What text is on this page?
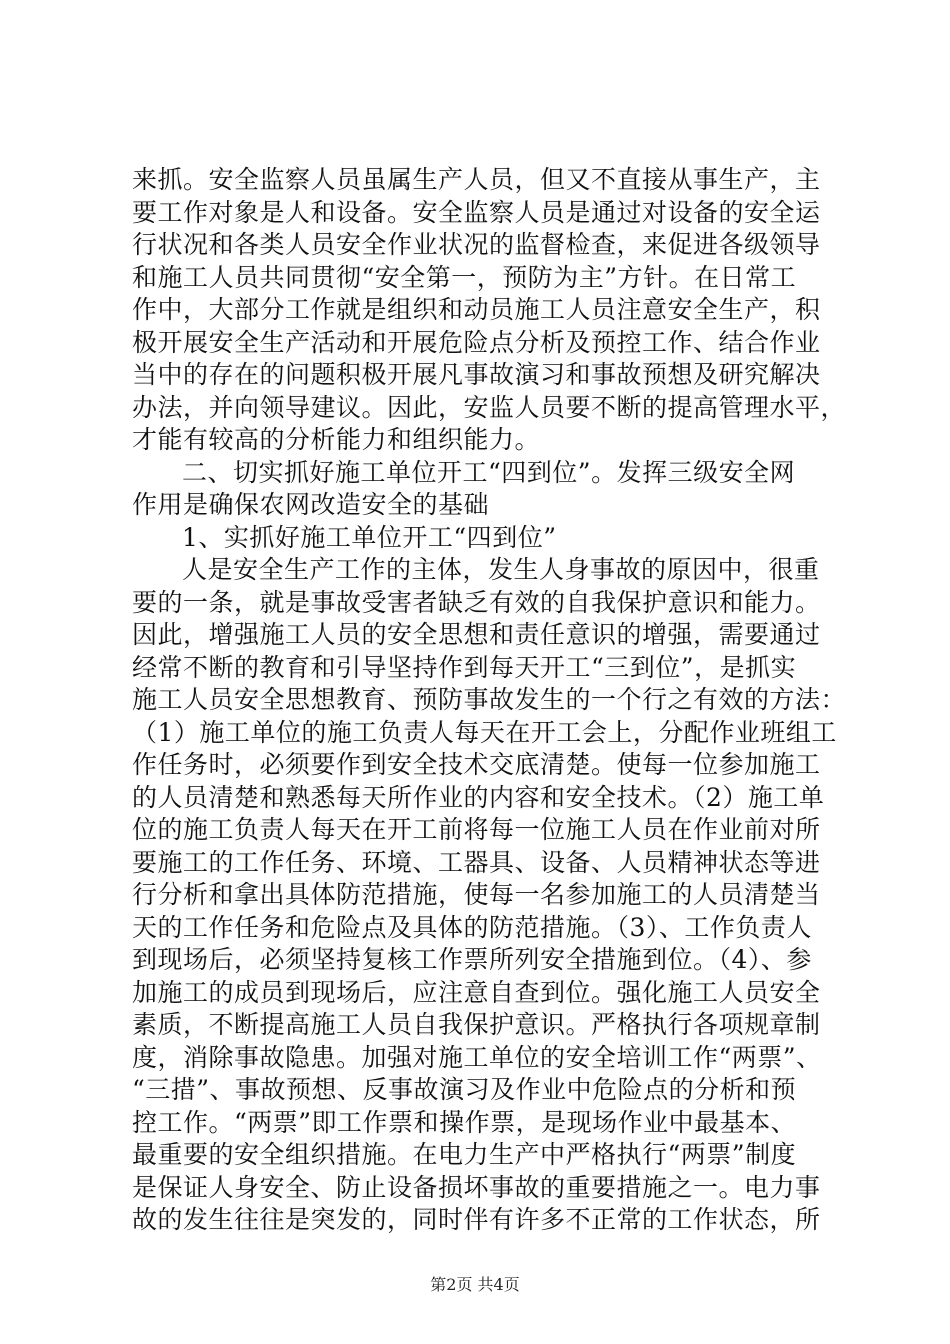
来抓。安全监察人员虽属生产人员，但又不直接从事生产，主
要工作对象是人和设备。安全监察人员是通过对设备的安全运
行状况和各类人员安全作业状况的监督检查，来促进各级领导
和施工人员共同贯彻“安全第一，预防为主”方针。在日常工
作中，大部分工作就是组织和动员施工人员注意安全生产，积
极开展安全生产活动和开展危险点分析及预控工作、结合作业
当中的存在的问题积极开展凡事故演习和事故预想及研究解决
办法，并向领导建议。因此，安监人员要不断的提高管理水平，
才能有较高的分析能力和组织能力。
二、切实抓好施工单位开工“四到位”。发挥三级安全网
作用是确保农网改造安全的基础
1、实抓好施工单位开工“四到位”
人是安全生产工作的主体，发生人身事故的原因中，很重
要的一条，就是事故受害者缺乏有效的自我保护意识和能力。
因此，增强施工人员的安全思想和责任意识的增强，需要通过
经常不断的教育和引导坚持作到每天开工“三到位”，是抓实
施工人员安全思想教育、预防事故发生的一个行之有效的方法：
（1）施工单位的施工负责人每天在开工会上，分配作业班组工
作任务时，必须要作到安全技术交底清楚。使每一位参加施工
的人员清楚和熟悉每天所作业的内容和安全技术。（2）施工单
位的施工负责人每天在开工前将每一位施工人员在作业前对所
要施工的工作任务、环境、工器具、设备、人员精神状态等进
行分析和拿出具体防范措施，使每一名参加施工的人员清楚当
天的工作任务和危险点及具体的防范措施。（3）、工作负责人
到现场后，必须坚持复核工作票所列安全措施到位。（4）、参
加施工的成员到现场后，应注意自查到位。强化施工人员安全
素质，不断提高施工人员自我保护意识。严格执行各项规章制
度，消除事故隐患。加强对施工单位的安全培训工作“两票”、
“三措”、事故预想、反事故演习及作业中危险点的分析和预
控工作。“两票”即工作票和操作票，是现场作业中最基本、
最重要的安全组织措施。在电力生产中严格执行“两票”制度
是保证人身安全、防止设备损坏事故的重要措施之一。电力事
故的发生往往是突发的，同时伴有许多不正常的工作状态，所
第2页 共4页
